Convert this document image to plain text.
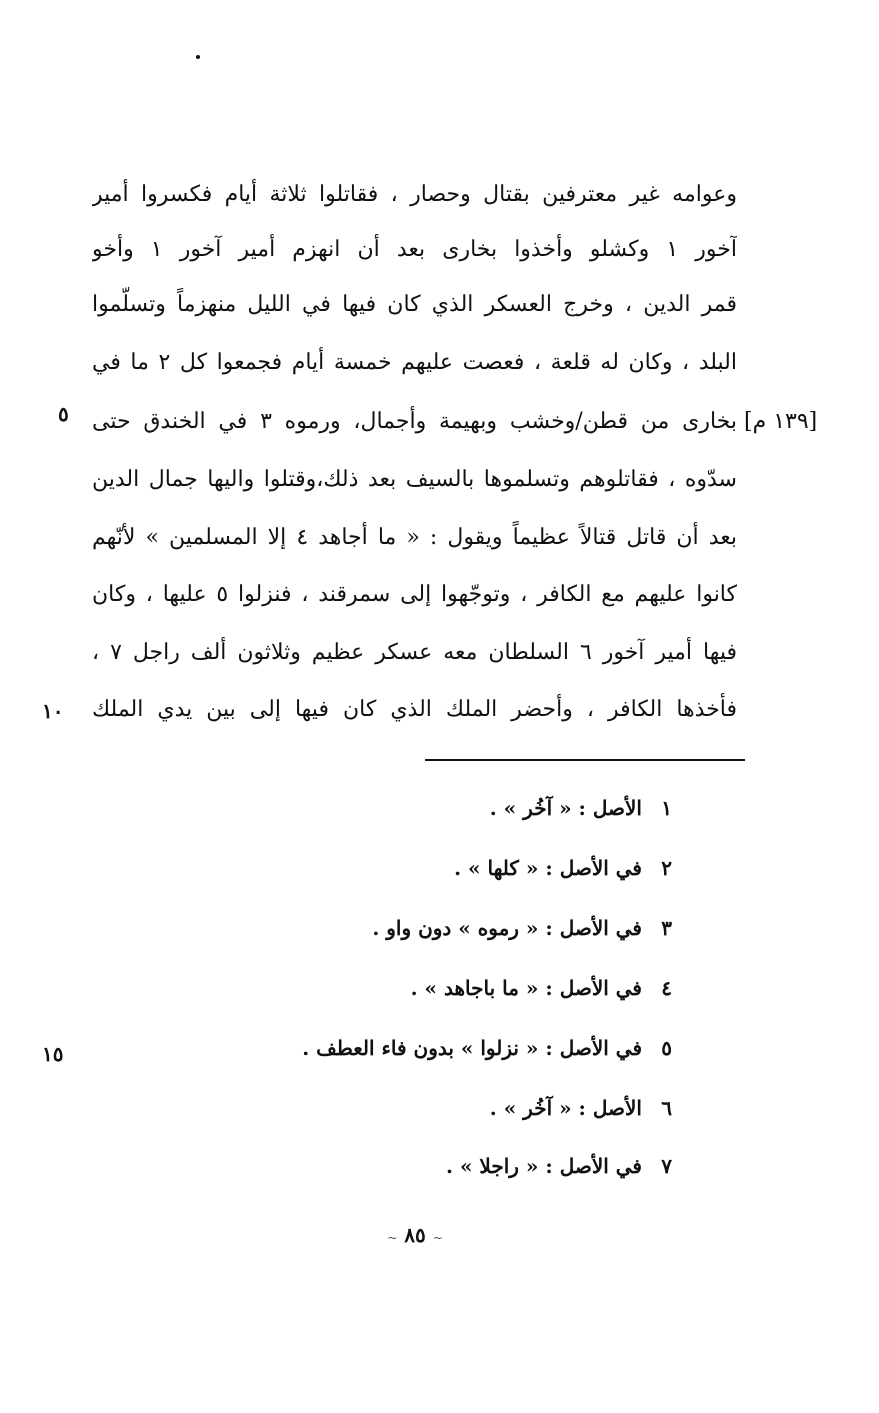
وعوامه غير معترفين بقتال وحصار ، فقاتلوا ثلاثة أيام فكسروا أمير
آخور ١ وكشلو وأخذوا بخارى بعد أن انهزم أمير آخور ١ وأخو
قمر الدين ، وخرج العسكر الذي كان فيها في الليل منهزماً وتسلّموا
البلد ، وكان له قلعة ، فعصت عليهم خمسة أيام فجمعوا كل ٢ ما في
بخارى من قطن/وخشب وبهيمة وأجمال، ورموه ٣ في الخندق حتى
سدّوه ، فقاتلوهم وتسلموها بالسيف بعد ذلك،وقتلوا واليها جمال الدين
بعد أن قاتل قتالاً عظيماً ويقول : « ما أجاهد ٤ إلا المسلمين » لأنّهم
كانوا عليهم مع الكافر ، وتوجّهوا إلى سمرقند ، فنزلوا ٥ عليها ، وكان
فيها أمير آخور ٦ السلطان معه عسكر عظيم وثلاثون ألف راجل ٧ ،
فأخذها الكافر ، وأحضر الملك الذي كان فيها إلى بين يدي الملك
[١٣٩ م]
٥
١٠
١٥
١الأصل : « آخُر » .
٢في الأصل : « كلها » .
٣في الأصل : « رموه » دون واو .
٤في الأصل : « ما باجاهد » .
٥في الأصل : « نزلوا » بدون فاء العطف .
٦الأصل : « آخُر » .
٧في الأصل : « راجلا » .
~ ٨٥ ~
